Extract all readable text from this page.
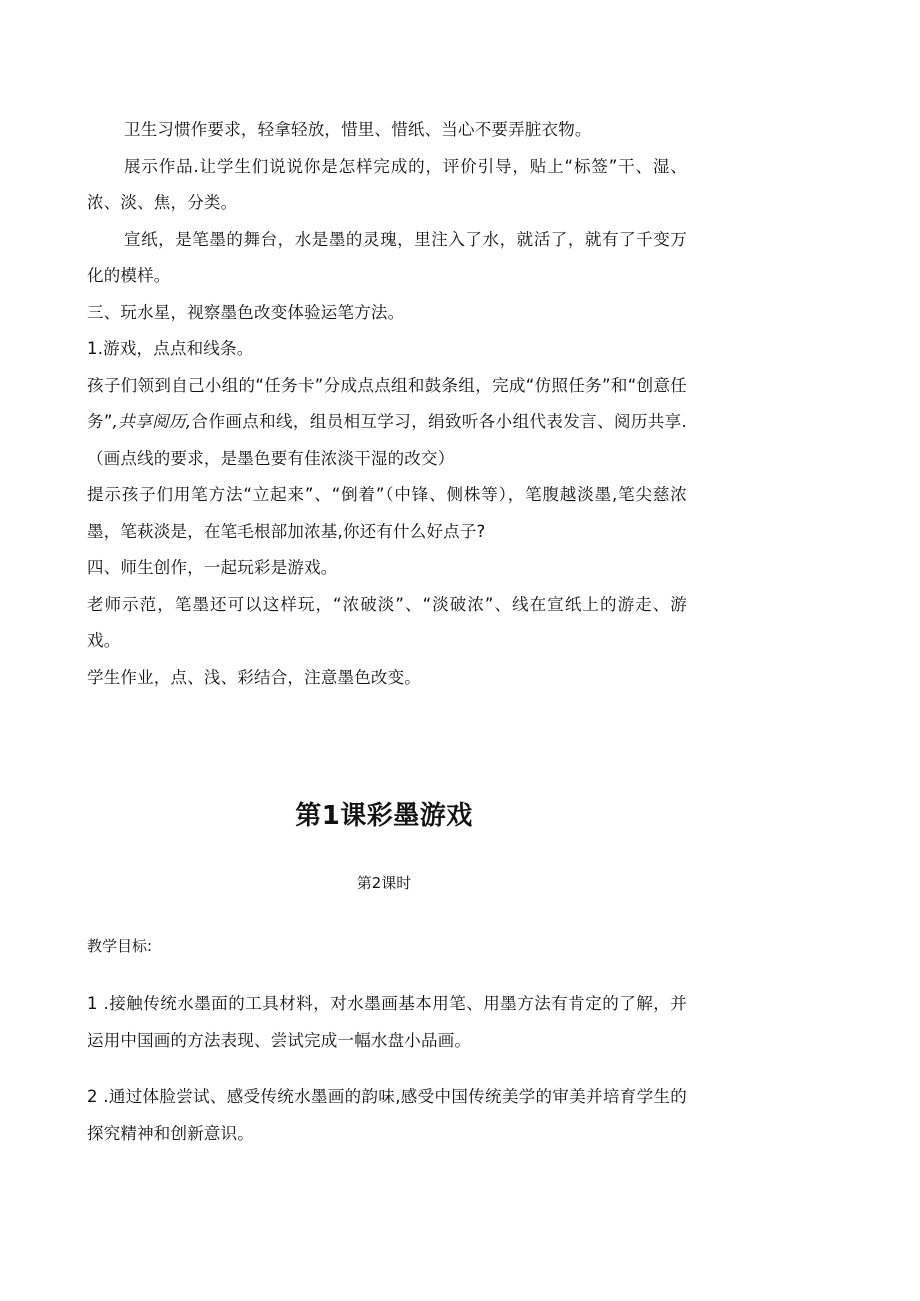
卫生习惯作要求，轻拿轻放，惜里、惜纸、当心不要弄脏衣物。

展示作品.让学生们说说你是怎样完成的，评价引导，贴上“标签”干、湿、浓、淡、焦，分类。

宣纸，是笔墨的舞台，水是墨的灵瑰，里注入了水，就活了，就有了千变万化的模样。

三、玩水星，视察墨色改变体验运笔方法。

1.游戏，点点和线条。

孩子们领到自己小组的“任务卡”分成点点组和鼓条组，完成“仿照任务”和“创意任务”,共享阅历,合作画点和线，组员相互学习，绢致听各小组代表发言、阅历共享.（画点线的要求，是墨色要有佳浓淡干湿的改交）

提示孩子们用笔方法“立起来”、“倒着”（中锋、侧株等），笔腹越淡墨,笔尖慈浓墨，笔萩淡是，在笔毛根部加浓基,你还有什么好点子?

四、师生创作，一起玩彩是游戏。

老师示范，笔墨还可以这样玩，“浓破淡”、“淡破浓”、线在宣纸上的游走、游戏。

学生作业，点、浅、彩结合，注意墨色改变。

第1课彩墨游戏

第2课时

教学目标:

1 .接触传统水墨面的工具材料，对水墨画基本用笔、用墨方法有肯定的了解，并运用中国画的方法表现、尝试完成一幅水盘小品画。

2 .通过体脸尝试、感受传统水墨画的韵味,感受中国传统美学的审美并培育学生的探究精神和创新意识。
